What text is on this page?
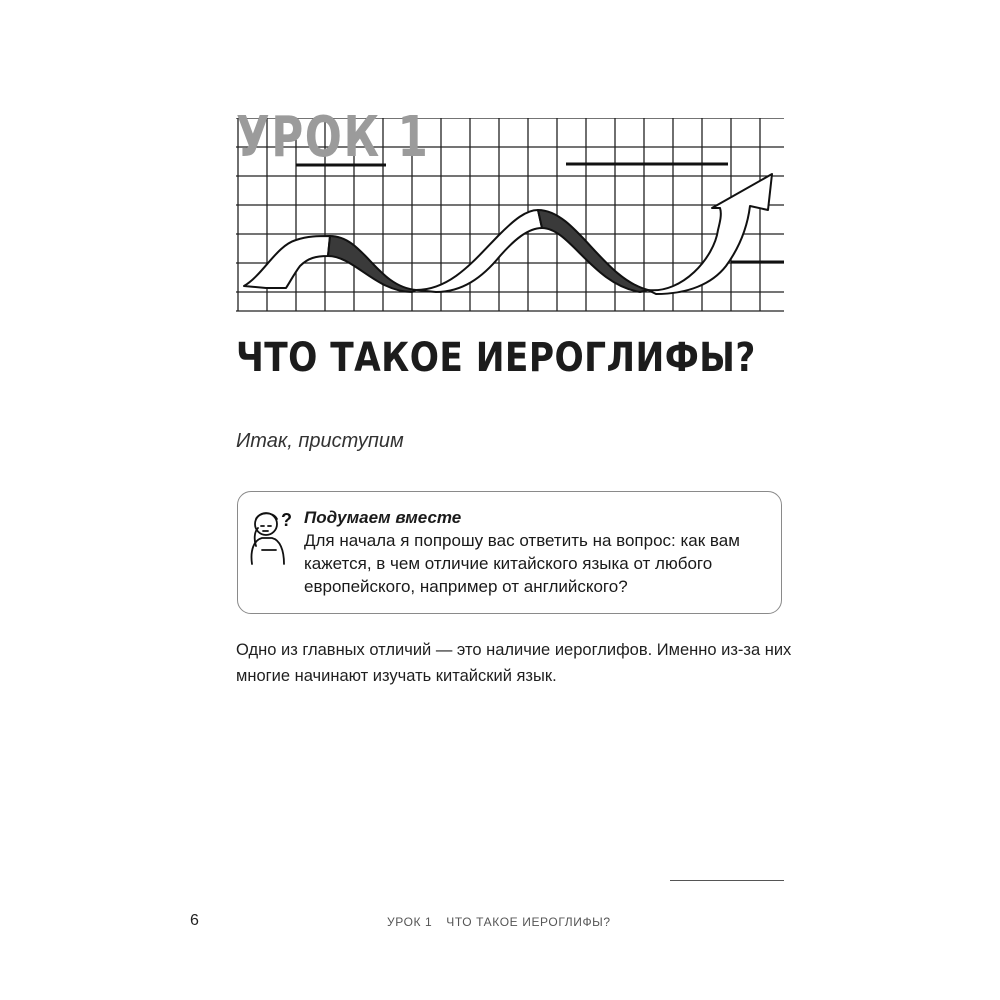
УРОК 1
ЧТО ТАКОЕ ИЕРОГЛИФЫ?
Итак, приступим
? Подумаем вместе
Для начала я попрошу вас ответить на вопрос: как вам кажется, в чем отличие китайского языка от любого европейского, например от английского?
Одно из главных отличий — это наличие иероглифов. Именно из-за них многие начинают изучать китайский язык.
6	УРОК 1 ЧТО ТАКОЕ ИЕРОГЛИФЫ?
